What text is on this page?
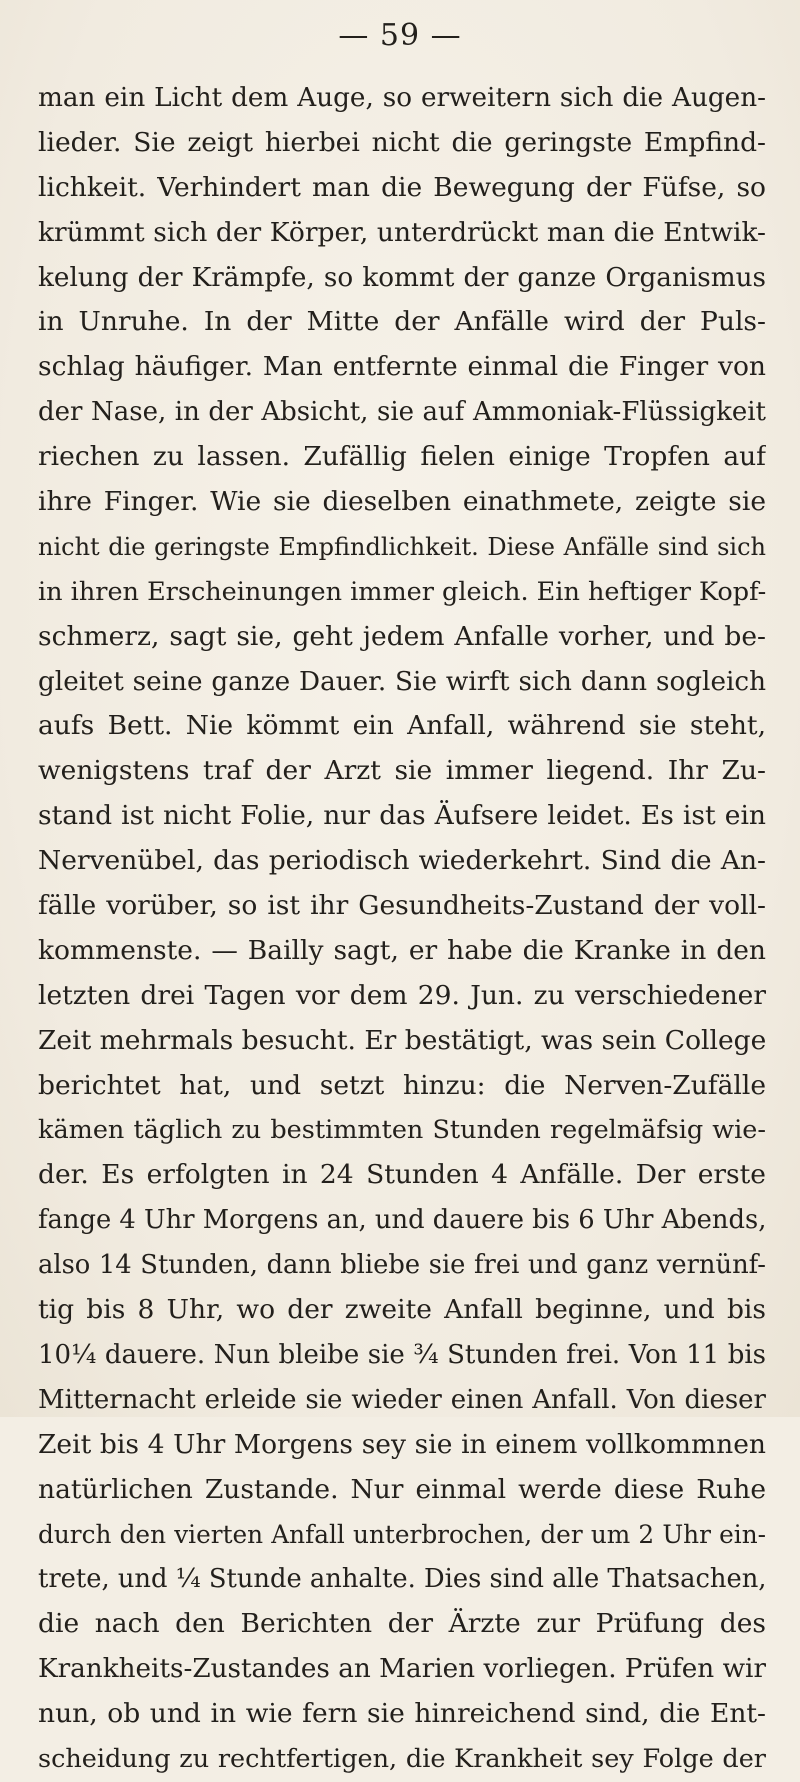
— 59 —
man ein Licht dem Auge, so erweitern sich die Augen-
lieder. Sie zeigt hierbei nicht die geringste Empfind-
lichkeit. Verhindert man die Bewegung der Füfse, so
krümmt sich der Körper, unterdrückt man die Entwik-
kelung der Krämpfe, so kommt der ganze Organismus
in Unruhe. In der Mitte der Anfälle wird der Puls-
schlag häufiger. Man entfernte einmal die Finger von
der Nase, in der Absicht, sie auf Ammoniak-Flüssigkeit
riechen zu lassen. Zufällig fielen einige Tropfen auf
ihre Finger. Wie sie dieselben einathmete, zeigte sie
nicht die geringste Empfindlichkeit. Diese Anfälle sind sich
in ihren Erscheinungen immer gleich. Ein heftiger Kopf-
schmerz, sagt sie, geht jedem Anfalle vorher, und be-
gleitet seine ganze Dauer. Sie wirft sich dann sogleich
aufs Bett. Nie kömmt ein Anfall, während sie steht,
wenigstens traf der Arzt sie immer liegend. Ihr Zu-
stand ist nicht Folie, nur das Äufsere leidet. Es ist ein
Nervenübel, das periodisch wiederkehrt. Sind die An-
fälle vorüber, so ist ihr Gesundheits-Zustand der voll-
kommenste. — Bailly sagt, er habe die Kranke in den
letzten drei Tagen vor dem 29. Jun. zu verschiedener
Zeit mehrmals besucht. Er bestätigt, was sein College
berichtet hat, und setzt hinzu: die Nerven-Zufälle
kämen täglich zu bestimmten Stunden regelmäfsig wie-
der. Es erfolgten in 24 Stunden 4 Anfälle. Der erste
fange 4 Uhr Morgens an, und dauere bis 6 Uhr Abends,
also 14 Stunden, dann bliebe sie frei und ganz vernünf-
tig bis 8 Uhr, wo der zweite Anfall beginne, und bis
10¼ dauere. Nun bleibe sie ¾ Stunden frei. Von 11 bis
Mitternacht erleide sie wieder einen Anfall. Von dieser
Zeit bis 4 Uhr Morgens sey sie in einem vollkommnen
natürlichen Zustande. Nur einmal werde diese Ruhe
durch den vierten Anfall unterbrochen, der um 2 Uhr ein-
trete, und ¼ Stunde anhalte. Dies sind alle Thatsachen,
die nach den Berichten der Ärzte zur Prüfung des
Krankheits-Zustandes an Marien vorliegen. Prüfen wir
nun, ob und in wie fern sie hinreichend sind, die Ent-
scheidung zu rechtfertigen, die Krankheit sey Folge der
